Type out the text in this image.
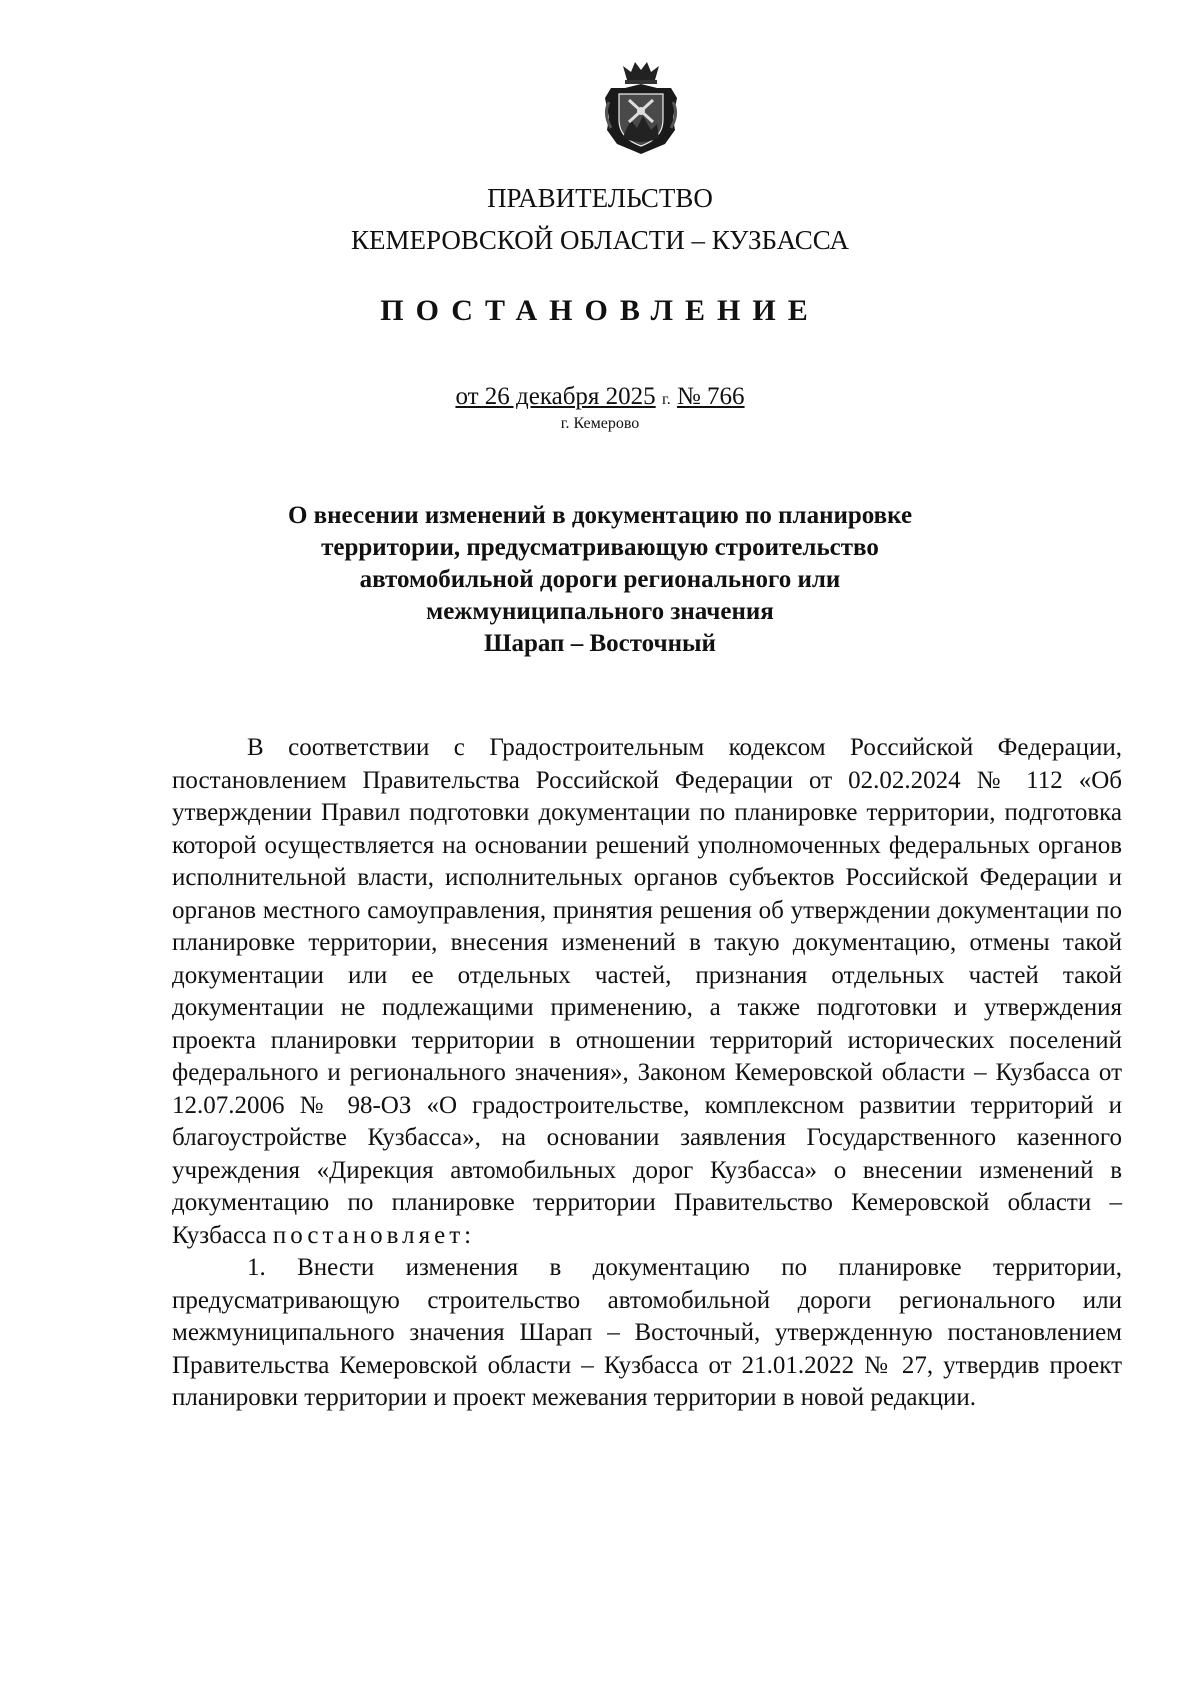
ПРАВИТЕЛЬСТВО
КЕМЕРОВСКОЙ ОБЛАСТИ – КУЗБАССА
ПОСТАНОВЛЕНИЕ
от 26 декабря 2025 г. № 766
г. Кемерово
О внесении изменений в документацию по планировке
территории, предусматривающую строительство
автомобильной дороги регионального или
межмуниципального значения
Шарап – Восточный

В соответствии с Градостроительным кодексом Российской Федерации, постановлением Правительства Российской Федерации от 02.02.2024 № 112 «Об утверждении Правил подготовки документации по планировке территории, подготовка которой осуществляется на основании решений уполномоченных федеральных органов исполнительной власти, исполнительных органов субъектов Российской Федерации и органов местного самоуправления, принятия решения об утверждении документации по планировке территории, внесения изменений в такую документацию, отмены такой документации или ее отдельных частей, признания отдельных частей такой документации не подлежащими применению, а также подготовки и утверждения проекта планировки территории в отношении территорий исторических поселений федерального и регионального значения», Законом Кемеровской области – Кузбасса от 12.07.2006 № 98-ОЗ «О градостроительстве, комплексном развитии территорий и благоустройстве Кузбасса», на основании заявления Государственного казенного учреждения «Дирекция автомобильных дорог Кузбасса» о внесении изменений в документацию по планировке территории Правительство Кемеровской области – Кузбасса постановляет:

1. Внести изменения в документацию по планировке территории, предусматривающую строительство автомобильной дороги регионального или межмуниципального значения Шарап – Восточный, утвержденную постановлением Правительства Кемеровской области – Кузбасса от 21.01.2022 № 27, утвердив проект планировки территории и проект межевания территории в новой редакции.
